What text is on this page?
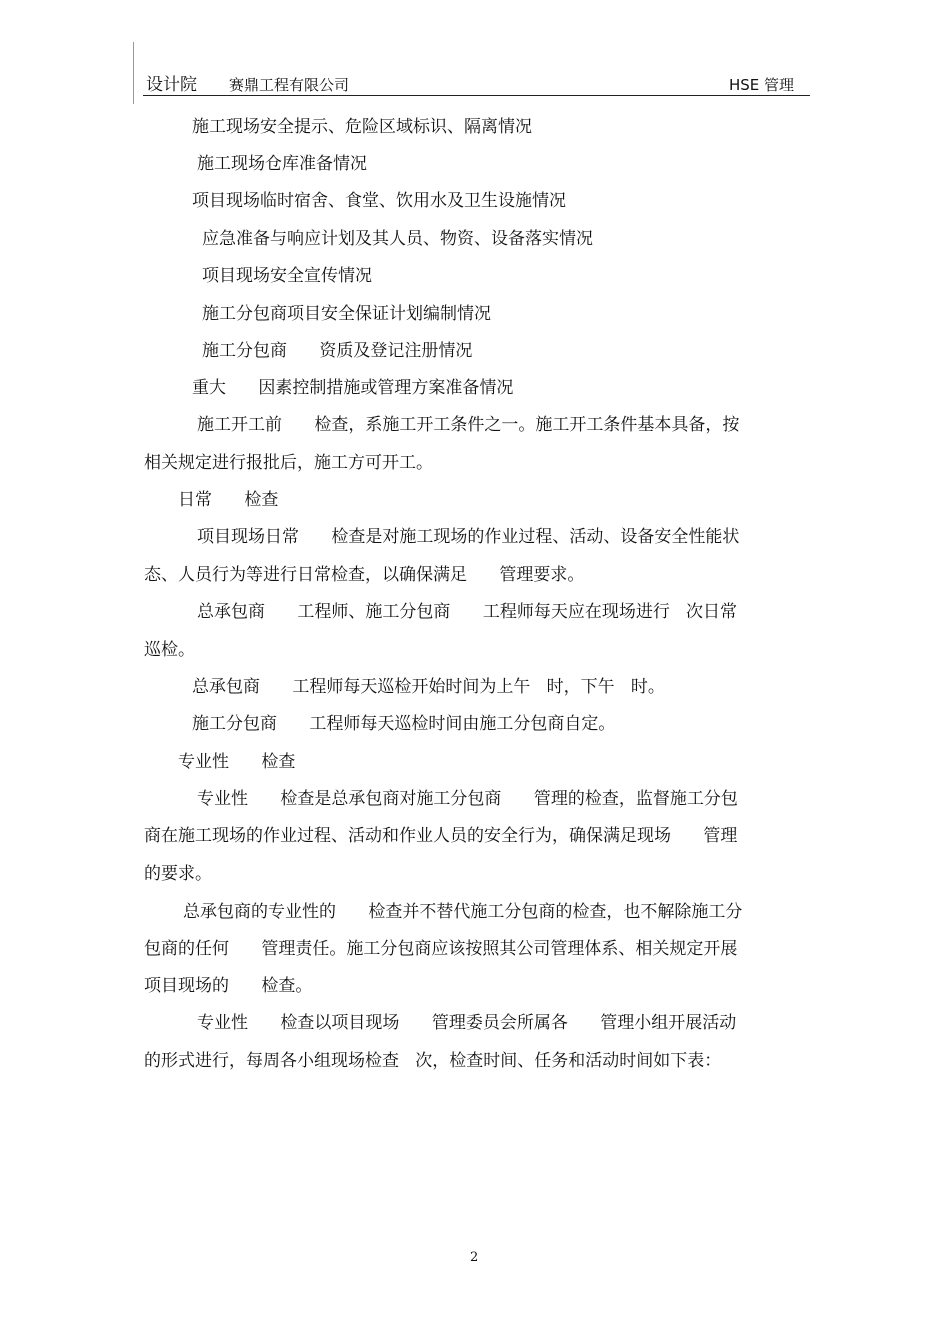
设计院 赛鼎工程有限公司	HSE 管理
施工现场安全提示、危险区域标识、隔离情况
施工现场仓库准备情况
项目现场临时宿舍、食堂、饮用水及卫生设施情况
应急准备与响应计划及其人员、物资、设备落实情况
项目现场安全宣传情况
施工分包商项目安全保证计划编制情况
施工分包商      资质及登记注册情况
重大      因素控制措施或管理方案准备情况
施工开工前      检查，系施工开工条件之一。施工开工条件基本具备，按
相关规定进行报批后，施工方可开工。
日常      检查
项目现场日常      检查是对施工现场的作业过程、活动、设备安全性能状
态、人员行为等进行日常检查，以确保满足      管理要求。
总承包商      工程师、施工分包商      工程师每天应在现场进行   次日常
巡检。
总承包商      工程师每天巡检开始时间为上午   时，下午   时。
施工分包商      工程师每天巡检时间由施工分包商自定。
专业性      检查
专业性      检查是总承包商对施工分包商      管理的检查，监督施工分包
商在施工现场的作业过程、活动和作业人员的安全行为，确保满足现场      管理
的要求。
总承包商的专业性的      检查并不替代施工分包商的检查，也不解除施工分
包商的任何      管理责任。施工分包商应该按照其公司管理体系、相关规定开展
项目现场的      检查。
专业性      检查以项目现场      管理委员会所属各      管理小组开展活动
的形式进行，每周各小组现场检查   次，检查时间、任务和活动时间如下表：
2
